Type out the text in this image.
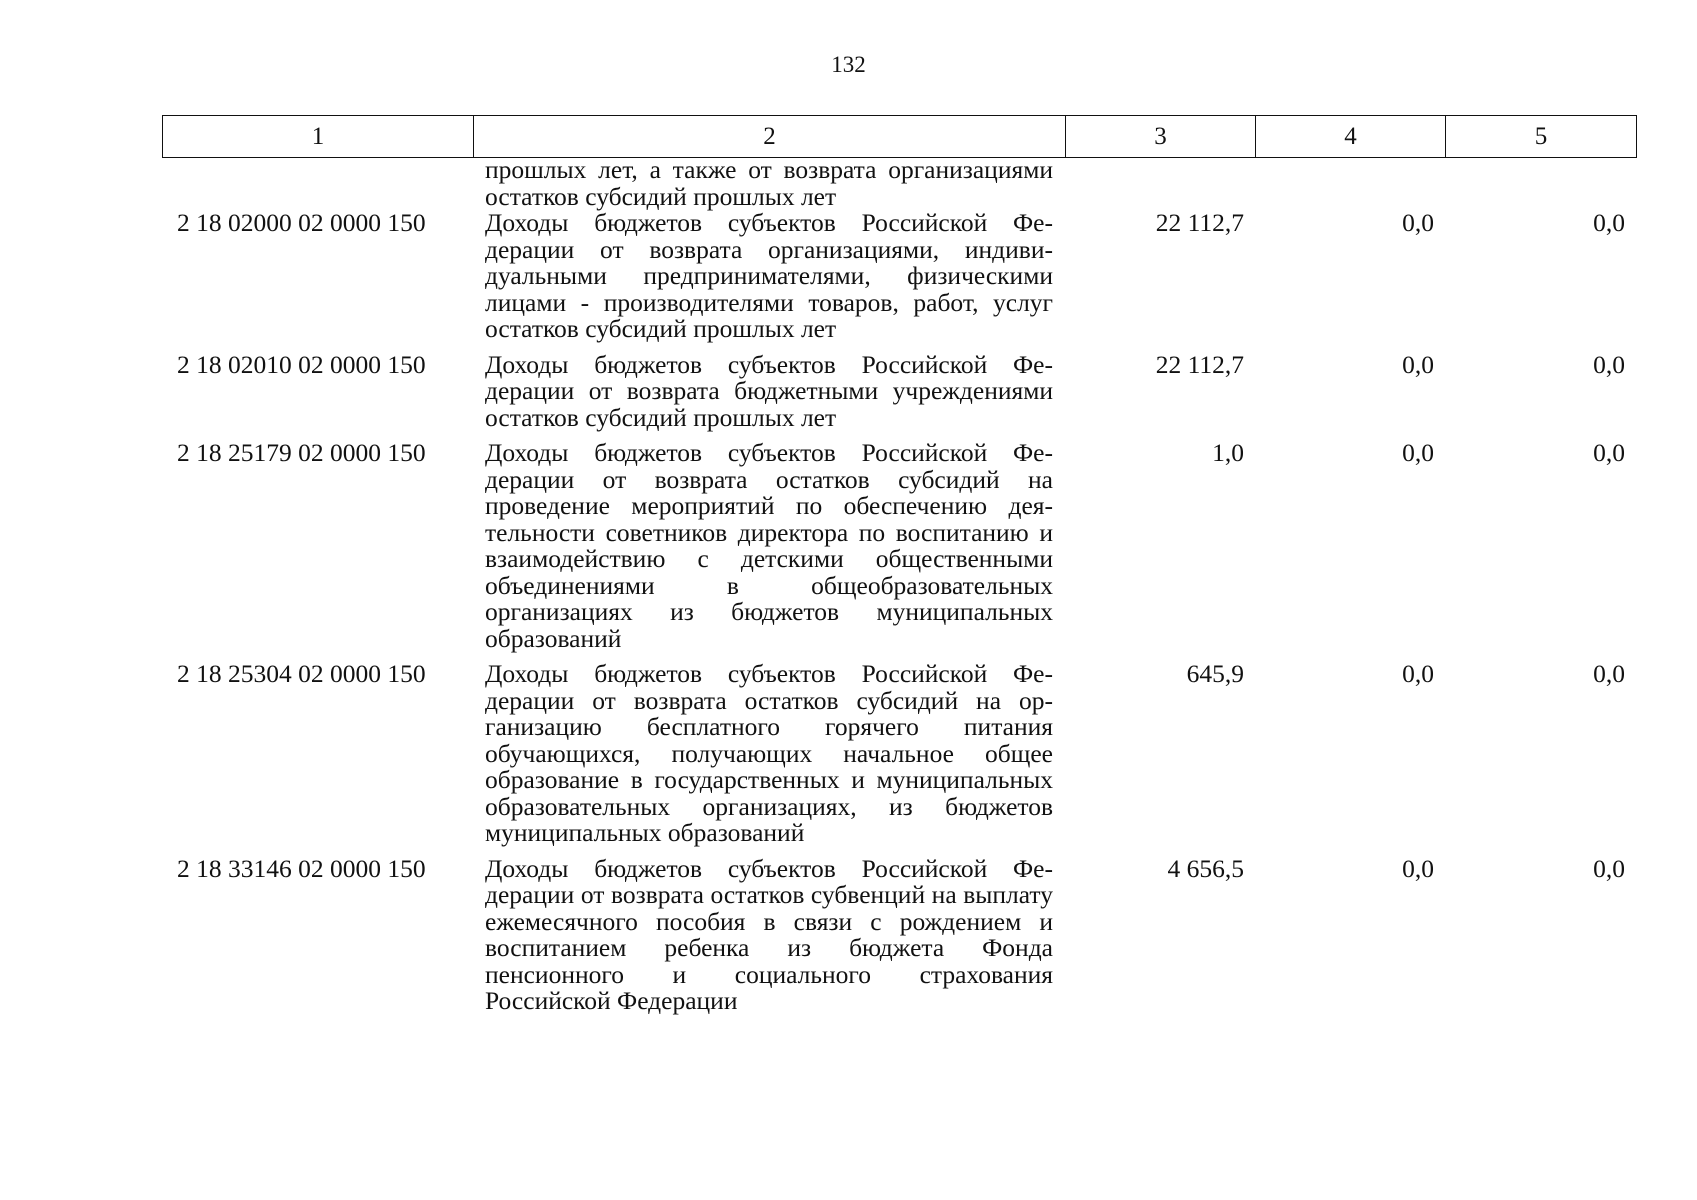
132
1	2	3	4	5
	прошлых лет, а также от возврата организациями остатков субсидий прошлых лет			
2 18 02000 02 0000 150	Доходы бюджетов субъектов Российской Федерации от возврата организациями, индивидуальными предпринимателями, физическими лицами - производителями товаров, работ, услуг остатков субсидий прошлых лет	22 112,7	0,0	0,0
2 18 02010 02 0000 150	Доходы бюджетов субъектов Российской Федерации от возврата бюджетными учреждениями остатков субсидий прошлых лет	22 112,7	0,0	0,0
2 18 25179 02 0000 150	Доходы бюджетов субъектов Российской Федерации от возврата остатков субсидий на проведение мероприятий по обеспечению деятельности советников директора по воспитанию и взаимодействию с детскими общественными объединениями в общеобразовательных организациях из бюджетов муниципальных образований	1,0	0,0	0,0
2 18 25304 02 0000 150	Доходы бюджетов субъектов Российской Федерации от возврата остатков субсидий на организацию бесплатного горячего питания обучающихся, получающих начальное общее образование в государственных и муниципальных образовательных организациях, из бюджетов муниципальных образований	645,9	0,0	0,0
2 18 33146 02 0000 150	Доходы бюджетов субъектов Российской Федерации от возврата остатков субвенций на выплату ежемесячного пособия в связи с рождением и воспитанием ребенка из бюджета Фонда пенсионного и социального страхования Российской Федерации	4 656,5	0,0	0,0
